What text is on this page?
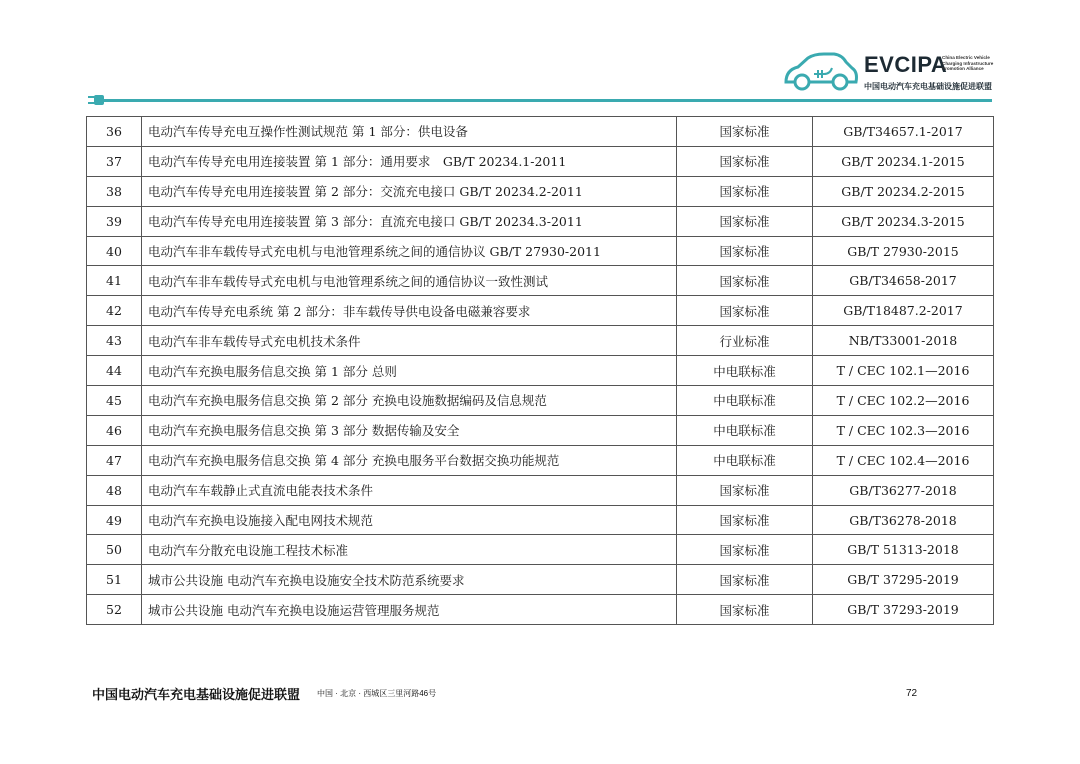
EVCIPA
China Electric Vehicle Charging Infrastructure Promotion Alliance
中国电动汽车充电基础设施促进联盟
36	电动汽车传导充电互操作性测试规范 第 1 部分：供电设备	国家标准	GB/T34657.1-2017
37	电动汽车传导充电用连接装置 第 1 部分：通用要求　GB/T 20234.1-2011	国家标准	GB/T 20234.1-2015
38	电动汽车传导充电用连接装置 第 2 部分：交流充电接口 GB/T 20234.2-2011	国家标准	GB/T 20234.2-2015
39	电动汽车传导充电用连接装置 第 3 部分：直流充电接口 GB/T 20234.3-2011	国家标准	GB/T 20234.3-2015
40	电动汽车非车载传导式充电机与电池管理系统之间的通信协议 GB/T 27930-2011	国家标准	GB/T 27930-2015
41	电动汽车非车载传导式充电机与电池管理系统之间的通信协议一致性测试	国家标准	GB/T34658-2017
42	电动汽车传导充电系统 第 2 部分：非车载传导供电设备电磁兼容要求	国家标准	GB/T18487.2-2017
43	电动汽车非车载传导式充电机技术条件	行业标准	NB/T33001-2018
44	电动汽车充换电服务信息交换 第 1 部分 总则	中电联标准	T / CEC 102.1—2016
45	电动汽车充换电服务信息交换 第 2 部分 充换电设施数据编码及信息规范	中电联标准	T / CEC 102.2—2016
46	电动汽车充换电服务信息交换 第 3 部分 数据传输及安全	中电联标准	T / CEC 102.3—2016
47	电动汽车充换电服务信息交换 第 4 部分 充换电服务平台数据交换功能规范	中电联标准	T / CEC 102.4—2016
48	电动汽车车载静止式直流电能表技术条件	国家标准	GB/T36277-2018
49	电动汽车充换电设施接入配电网技术规范	国家标准	GB/T36278-2018
50	电动汽车分散充电设施工程技术标准	国家标准	GB/T 51313-2018
51	城市公共设施 电动汽车充换电设施安全技术防范系统要求	国家标准	GB/T 37295-2019
52	城市公共设施 电动汽车充换电设施运营管理服务规范	国家标准	GB/T 37293-2019
中国电动汽车充电基础设施促进联盟 中国 · 北京 · 西城区三里河路46号	72
